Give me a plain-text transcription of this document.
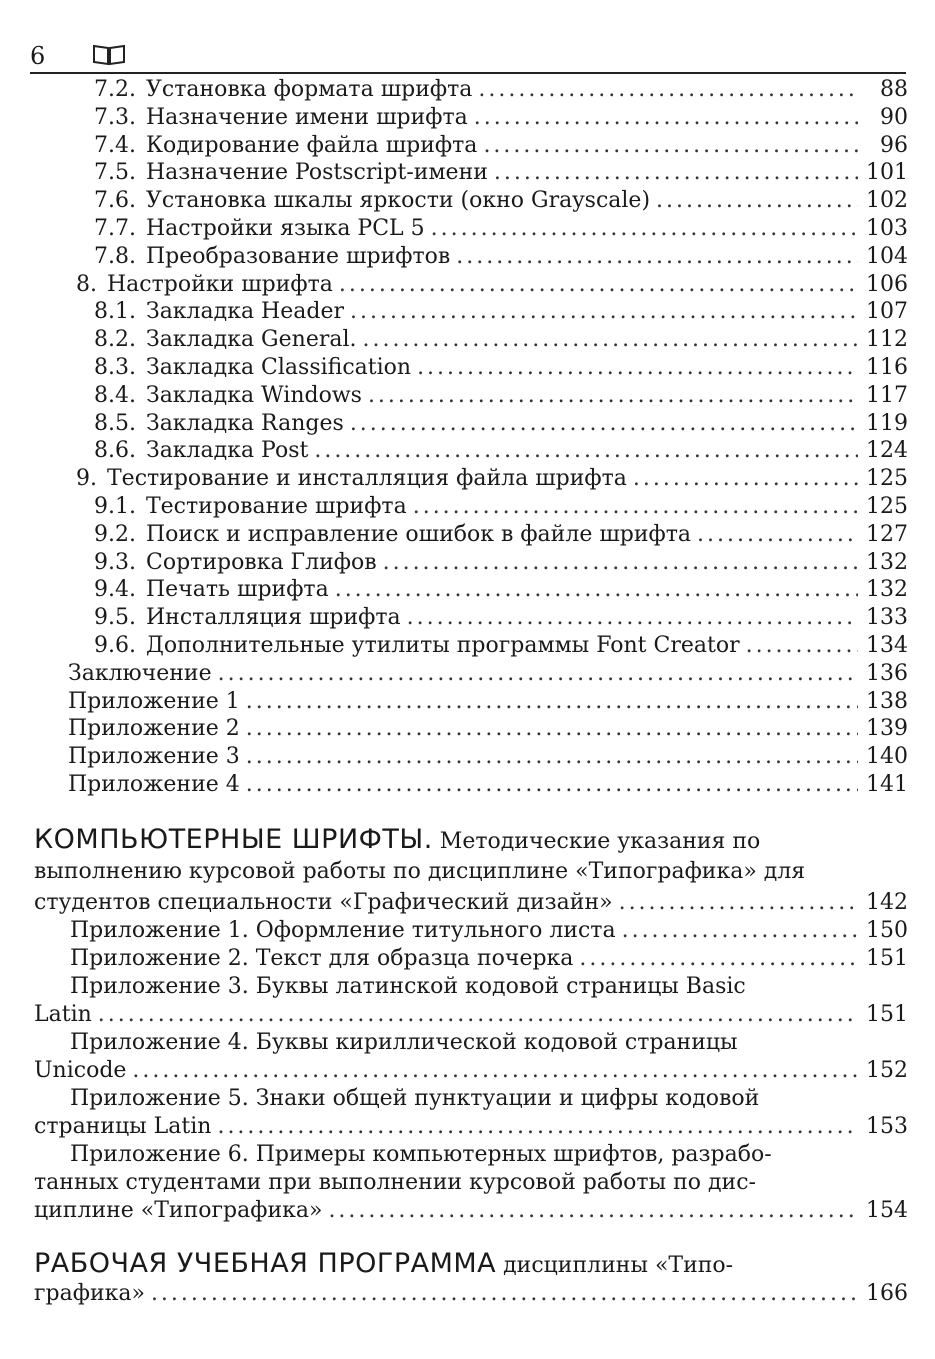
6
7.2. Установка формата шрифта . . .	88
7.3. Назначение имени шрифта . . .	90
7.4. Кодирование файла шрифта . . .	96
7.5. Назначение Postscript-имени . . .	101
7.6. Установка шкалы яркости (окно Grayscale) . . .	102
7.7. Настройки языка PCL 5 . . .	103
7.8. Преобразование шрифтов . . .	104
8. Настройки шрифта . . .	106
8.1. Закладка Header . . .	107
8.2. Закладка General. . . .	112
8.3. Закладка Classification . . .	116
8.4. Закладка Windows . . .	117
8.5. Закладка Ranges . . .	119
8.6. Закладка Post . . .	124
9. Тестирование и инсталляция файла шрифта . . .	125
9.1. Тестирование шрифта . . .	125
9.2. Поиск и исправление ошибок в файле шрифта . . .	127
9.3. Сортировка Глифов . . .	132
9.4. Печать шрифта . . .	132
9.5. Инсталляция шрифта . . .	133
9.6. Дополнительные утилиты программы Font Creator . . .	134
Заключение . . .	136
Приложение 1 . . .	138
Приложение 2 . . .	139
Приложение 3 . . .	140
Приложение 4 . . .	141
КОМПЬЮТЕРНЫЕ ШРИФТЫ. Методические указания по
выполнению курсовой работы по дисциплине «Типографика» для
студентов специальности «Графический дизайн» . . .	142
Приложение 1. Оформление титульного листа . . .	150
Приложение 2. Текст для образца почерка . . .	151
Приложение 3. Буквы латинской кодовой страницы Basic
Latin . . .	151
Приложение 4. Буквы кириллической кодовой страницы
Unicode . . .	152
Приложение 5. Знаки общей пунктуации и цифры кодовой
страницы Latin . . .	153
Приложение 6. Примеры компьютерных шрифтов, разрабо-
танных студентами при выполнении курсовой работы по дис-
циплине «Типографика» . . .	154
РАБОЧАЯ УЧЕБНАЯ ПРОГРАММА дисциплины «Типо-
графика» . . .	166
